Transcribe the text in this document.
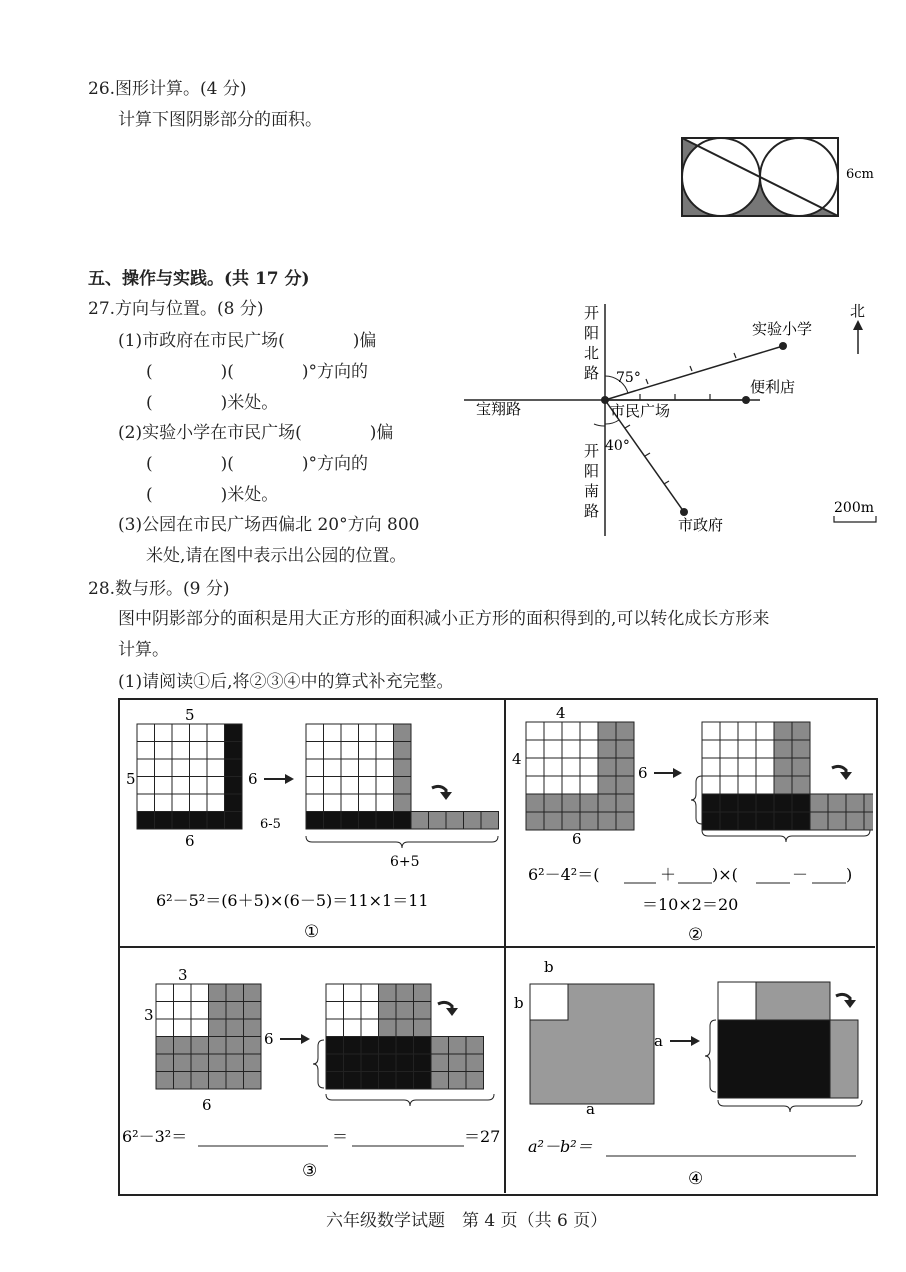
26.图形计算。(4 分)
计算下图阴影部分的面积。
6cm
五、操作与实践。(共 17 分)
27.方向与位置。(8 分)
(1)市政府在市民广场(　　　　)偏
(　　　　)(　　　　)°方向的
(　　　　)米处。
(2)实验小学在市民广场(　　　　)偏
(　　　　)(　　　　)°方向的
(　　　　)米处。
(3)公园在市民广场西偏北 20°方向 800
米处,请在图中表示出公园的位置。
开
阳
北
路
开
阳
南
路
宝翔路	市民广场
实验小学
便利店
市政府
75°
40°
北
200m
28.数与形。(9 分)
图中阴影部分的面积是用大正方形的面积减小正方形的面积得到的,可以转化成长方形来
计算。
(1)请阅读①后,将②③④中的算式补充完整。
5
5
6
6
6-5
6+5
6²－5²＝(6＋5)×(6－5)＝11×1＝11
①
4
4
6
6
6²－4²＝(	＋ )×(	－ )
＝10×2＝20
②
3
3
6
6
6²－3²＝	＝	＝27
③
b
b
a
a
a²－b²＝
④
六年级数学试题　第 4 页（共 6 页）
